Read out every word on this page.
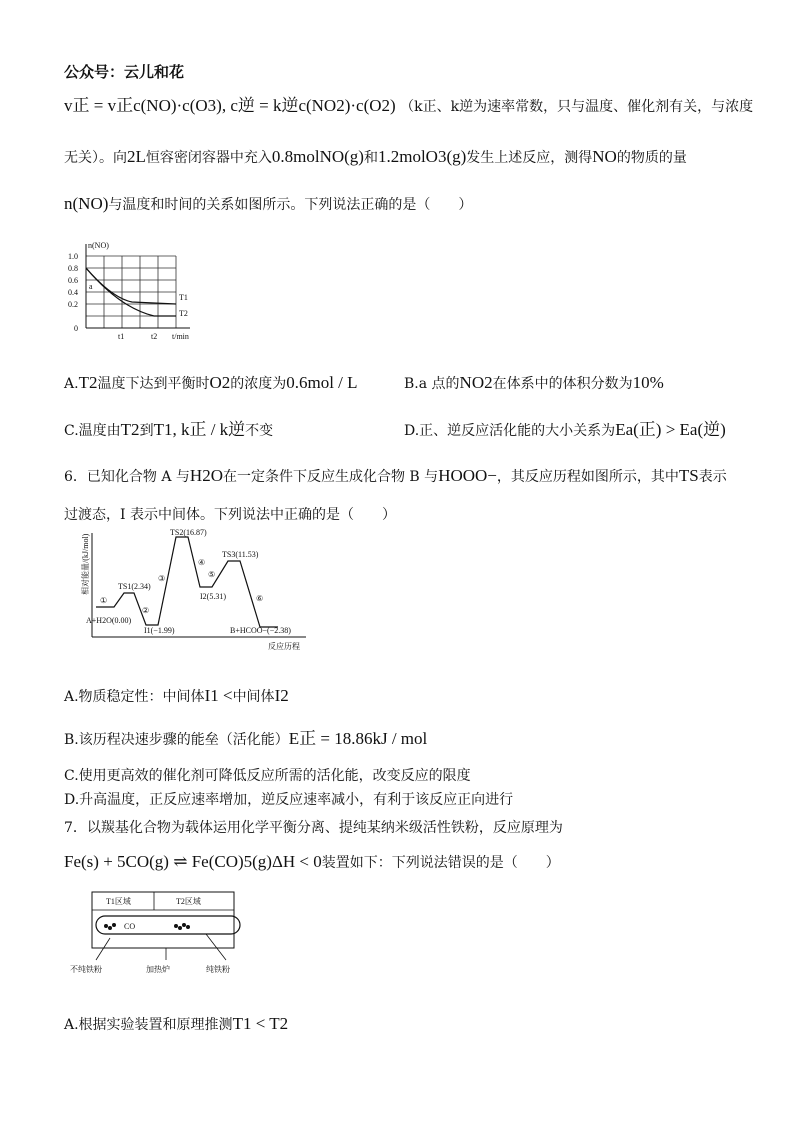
公众号：云儿和花
v正 = v正c(NO)·c(O3), c逆 = k逆c(NO2)·c(O2) （k正、k逆为速率常数，只与温度、催化剂有关，与浓度
无关）。向2L恒容密闭容器中充入0.8molNO(g)和1.2molO3(g)发生上述反应，测得NO的物质的量
n(NO)与温度和时间的关系如图所示。下列说法正确的是（　　）
n(NO)
1.0
0.8
0.6
0.4
0.2
0
a
T1
T2
t1	t2 t/min
A.T2温度下达到平衡时O2的浓度为0.6mol / L	B.a 点的NO2在体系中的体积分数为10%
C.温度由T2到T1, k正 / k逆不变	D.正、逆反应活化能的大小关系为Ea(正) > Ea(逆)
6．已知化合物 A 与H2O在一定条件下反应生成化合物 B 与HOOO−，其反应历程如图所示，其中TS表示
过渡态，I 表示中间体。下列说法中正确的是（　　）
相对能量/(kJ/mol)
反应历程
A+H2O(0.00)
TS1(2.34)
I1(−1.99)
TS2(16.87)
I2(5.31)
TS3(11.53)
B+HCOO−(−2.38)
①
②
③
④
⑤
⑥
A.物质稳定性：中间体I1 <中间体I2
B.该历程决速步骤的能垒（活化能）E正 = 18.86kJ / mol
C.使用更高效的催化剂可降低反应所需的活化能，改变反应的限度
D.升高温度，正反应速率增加，逆反应速率减小，有利于该反应正向进行
7．以羰基化合物为载体运用化学平衡分离、提纯某纳米级活性铁粉，反应原理为
Fe(s) + 5CO(g) ⇌ Fe(CO)5(g)ΔH < 0装置如下：下列说法错误的是（　　）
T1区域	T2区域
CO
不纯铁粉	加热炉	纯铁粉
A.根据实验装置和原理推测T1 < T2
